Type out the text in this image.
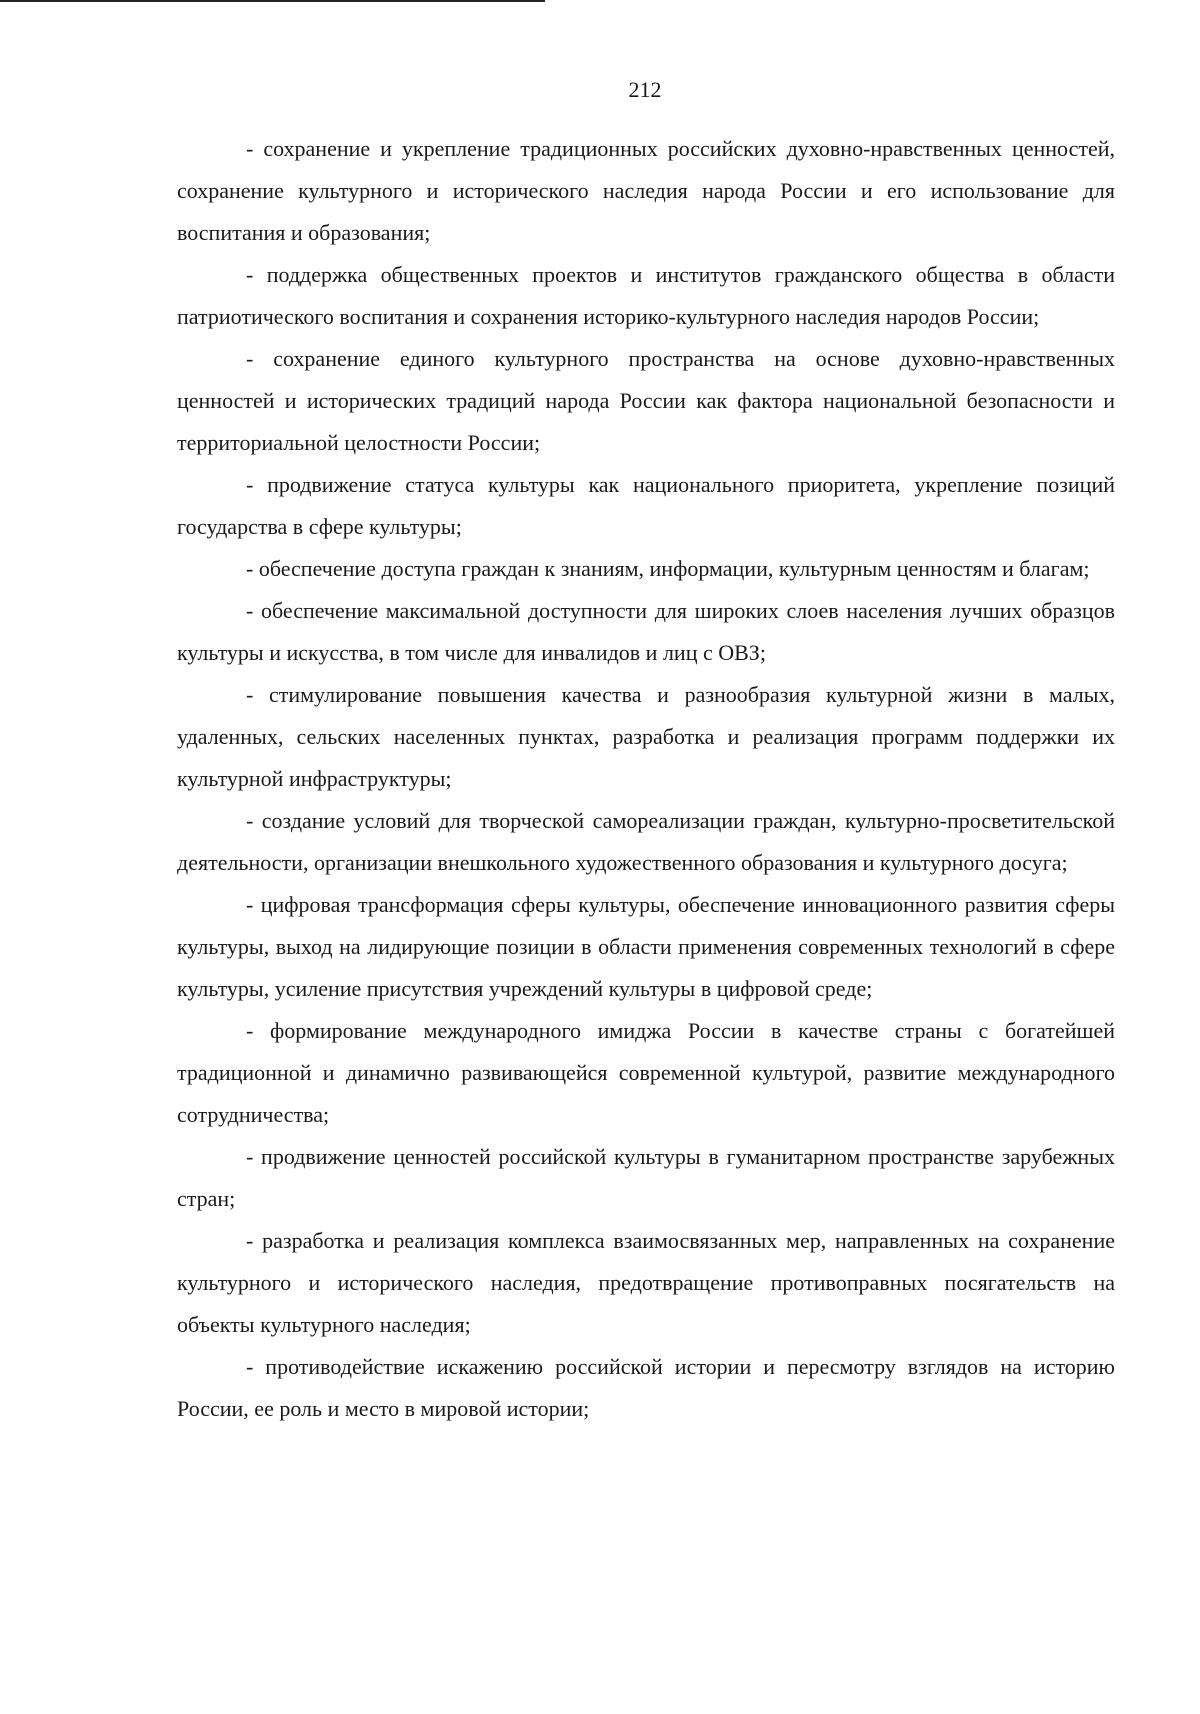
212

- сохранение и укрепление традиционных российских духовно-нравственных ценностей, сохранение культурного и исторического наследия народа России и его использование для воспитания и образования;

- поддержка общественных проектов и институтов гражданского общества в области патриотического воспитания и сохранения историко-культурного наследия народов России;

- сохранение единого культурного пространства на основе духовно-нравственных ценностей и исторических традиций народа России как фактора национальной безопасности и территориальной целостности России;

- продвижение статуса культуры как национального приоритета, укрепление позиций государства в сфере культуры;

- обеспечение доступа граждан к знаниям, информации, культурным ценностям и благам;

- обеспечение максимальной доступности для широких слоев населения лучших образцов культуры и искусства, в том числе для инвалидов и лиц с ОВЗ;

- стимулирование повышения качества и разнообразия культурной жизни в малых, удаленных, сельских населенных пунктах, разработка и реализация программ поддержки их культурной инфраструктуры;

- создание условий для творческой самореализации граждан, культурно-просветительской деятельности, организации внешкольного художественного образования и культурного досуга;

- цифровая трансформация сферы культуры, обеспечение инновационного развития сферы культуры, выход на лидирующие позиции в области применения современных технологий в сфере культуры, усиление присутствия учреждений культуры в цифровой среде;

- формирование международного имиджа России в качестве страны с богатейшей традиционной и динамично развивающейся современной культурой, развитие международного сотрудничества;

- продвижение ценностей российской культуры в гуманитарном пространстве зарубежных стран;

- разработка и реализация комплекса взаимосвязанных мер, направленных на сохранение культурного и исторического наследия, предотвращение противоправных посягательств на объекты культурного наследия;

- противодействие искажению российской истории и пересмотру взглядов на историю России, ее роль и место в мировой истории;
